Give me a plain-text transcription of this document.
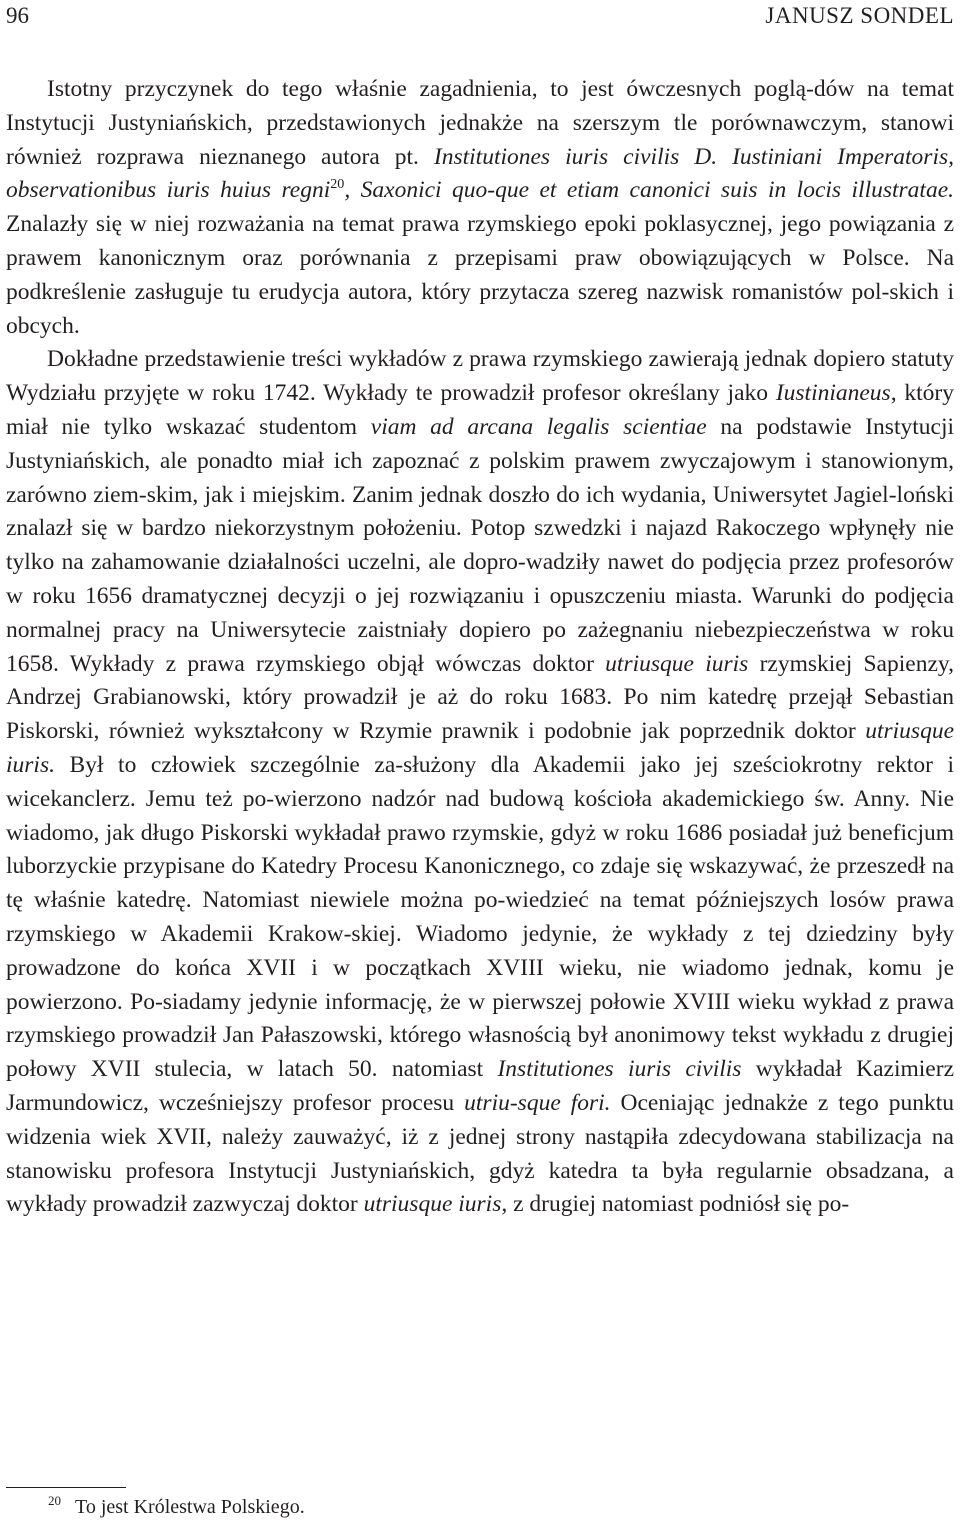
96	JANUSZ SONDEL

Istotny przyczynek do tego właśnie zagadnienia, to jest ówczesnych poglą-dów na temat Instytucji Justyniańskich, przedstawionych jednakże na szerszym tle porównawczym, stanowi również rozprawa nieznanego autora pt. Institutiones iuris civilis D. Iustiniani Imperatoris, observationibus iuris huius regni$^{20}$, Saxonici quo-que et etiam canonici suis in locis illustratae. Znalazły się w niej rozważania na temat prawa rzymskiego epoki poklasycznej, jego powiązania z prawem kanonicznym oraz porównania z przepisami praw obowiązujących w Polsce. Na podkreślenie zasługuje tu erudycja autora, który przytacza szereg nazwisk romanistów pol-skich i obcych.

Dokładne przedstawienie treści wykładów z prawa rzymskiego zawierają jednak dopiero statuty Wydziału przyjęte w roku 1742. Wykłady te prowadził profesor określany jako Iustinianeus, który miał nie tylko wskazać studentom viam ad arcana legalis scientiae na podstawie Instytucji Justyniańskich, ale ponadto miał ich zapoznać z polskim prawem zwyczajowym i stanowionym, zarówno ziem-skim, jak i miejskim. Zanim jednak doszło do ich wydania, Uniwersytet Jagiel-loński znalazł się w bardzo niekorzystnym położeniu. Potop szwedzki i najazd Rakoczego wpłynęły nie tylko na zahamowanie działalności uczelni, ale dopro-wadziły nawet do podjęcia przez profesorów w roku 1656 dramatycznej decyzji o jej rozwiązaniu i opuszczeniu miasta. Warunki do podjęcia normalnej pracy na Uniwersytecie zaistniały dopiero po zażegnaniu niebezpieczeństwa w roku 1658. Wykłady z prawa rzymskiego objął wówczas doktor utriusque iuris rzymskiej Sapienzy, Andrzej Grabianowski, który prowadził je aż do roku 1683. Po nim katedrę przejął Sebastian Piskorski, również wykształcony w Rzymie prawnik i podobnie jak poprzednik doktor utriusque iuris. Był to człowiek szczególnie za-służony dla Akademii jako jej sześciokrotny rektor i wicekanclerz. Jemu też po-wierzono nadzór nad budową kościoła akademickiego św. Anny. Nie wiadomo, jak długo Piskorski wykładał prawo rzymskie, gdyż w roku 1686 posiadał już beneficjum luborzyckie przypisane do Katedry Procesu Kanonicznego, co zdaje się wskazywać, że przeszedł na tę właśnie katedrę. Natomiast niewiele można po-wiedzieć na temat późniejszych losów prawa rzymskiego w Akademii Krakow-skiej. Wiadomo jedynie, że wykłady z tej dziedziny były prowadzone do końca XVII i w początkach XVIII wieku, nie wiadomo jednak, komu je powierzono. Po-siadamy jedynie informację, że w pierwszej połowie XVIII wieku wykład z prawa rzymskiego prowadził Jan Pałaszowski, którego własnością był anonimowy tekst wykładu z drugiej połowy XVII stulecia, w latach 50. natomiast Institutiones iuris civilis wykładał Kazimierz Jarmundowicz, wcześniejszy profesor procesu utriu-sque fori. Oceniając jednakże z tego punktu widzenia wiek XVII, należy zauważyć, iż z jednej strony nastąpiła zdecydowana stabilizacja na stanowisku profesora Instytucji Justyniańskich, gdyż katedra ta była regularnie obsadzana, a wykłady prowadził zazwyczaj doktor utriusque iuris, z drugiej natomiast podniósł się po-

$^{20}$ To jest Królestwa Polskiego.
